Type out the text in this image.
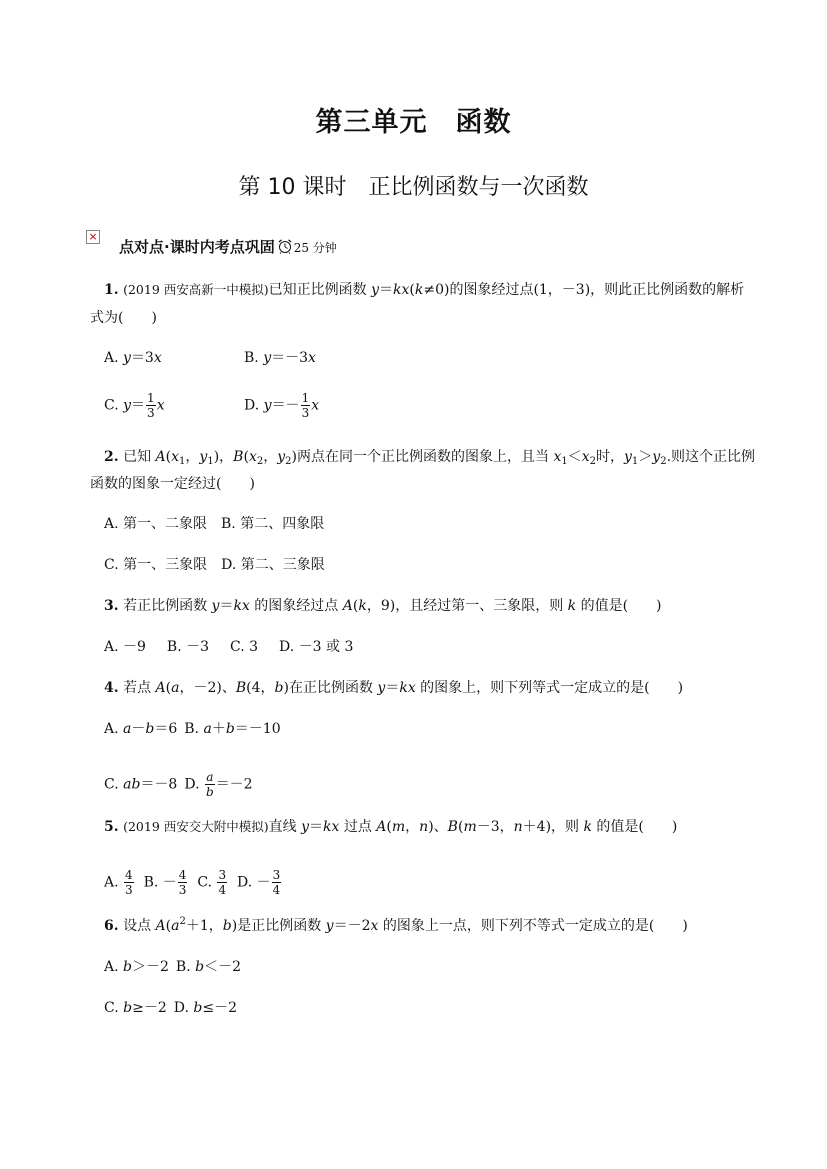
第三单元　函数
第 10 课时　正比例函数与一次函数
×
点对点·课时内考点巩固 25 分钟
1. (2019 西安高新一中模拟)已知正比例函数 y＝kx(k≠0)的图象经过点(1，－3)，则此正比例函数的解析
式为(　　)
A. y＝3x	B. y＝－3x
C. $y= \frac{1}{3}$ x	D. $y=- \frac{1}{3}$ x
2. 已知 $A(x_1$，$y_1$)，$B(x_2$，$y_2$)两点在同一个正比例函数的图象上，且当 $x_1<x_2$时，$y_1>y_2$.则这个正比例
函数的图象一定经过(　　)
A. 第一、二象限　B. 第二、四象限
C. 第一、三象限　D. 第二、三象限
3. 若正比例函数 y＝kx 的图象经过点 A(k，9)，且经过第一、三象限，则 k 的值是(　　)
A. －9　 B. －3　 C. 3　 D. －3 或 3
4. 若点 A(a，－2)、B(4，b)在正比例函数 y＝kx 的图象上，则下列等式一定成立的是(　　)
A. a－b＝6 B. a＋b＝－10
C. ab＝－8 D. $\frac{a}{b} =-2$
5. (2019 西安交大附中模拟)直线 y＝kx 过点 A(m，n)、B(m－3，n＋4)，则 k 的值是(　　)
A. $\frac{4}{3} B$. － $\frac{4}{3} C$. $\frac{3}{4} D$. － $\frac{3}{4}$
6. 设点 $A(a^2+1$，b)是正比例函数 y＝－2x 的图象上一点，则下列不等式一定成立的是(　　)
A. b＞－2 B. b＜－2
C. b≥－2 D. b≤－2
